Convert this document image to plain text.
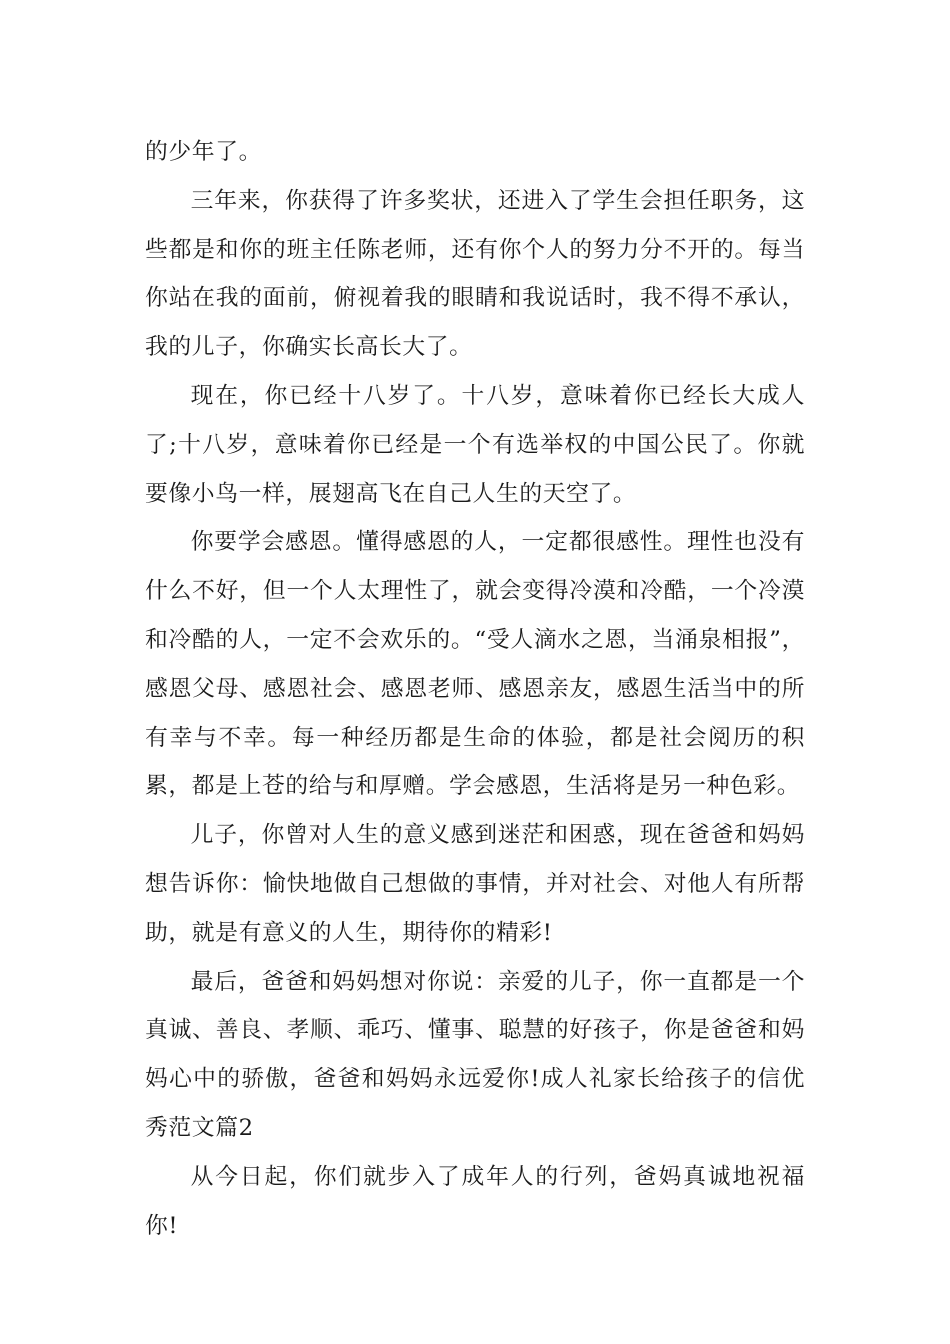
的少年了。

三年来，你获得了许多奖状，还进入了学生会担任职务，这些都是和你的班主任陈老师，还有你个人的努力分不开的。每当你站在我的面前，俯视着我的眼睛和我说话时，我不得不承认，我的儿子，你确实长高长大了。

现在，你已经十八岁了。十八岁，意味着你已经长大成人了;十八岁，意味着你已经是一个有选举权的中国公民了。你就要像小鸟一样，展翅高飞在自己人生的天空了。

你要学会感恩。懂得感恩的人，一定都很感性。理性也没有什么不好，但一个人太理性了，就会变得冷漠和冷酷，一个冷漠和冷酷的人，一定不会欢乐的。“受人滴水之恩，当涌泉相报”，感恩父母、感恩社会、感恩老师、感恩亲友，感恩生活当中的所有幸与不幸。每一种经历都是生命的体验，都是社会阅历的积累，都是上苍的给与和厚赠。学会感恩，生活将是另一种色彩。

儿子，你曾对人生的意义感到迷茫和困惑，现在爸爸和妈妈想告诉你：愉快地做自己想做的事情，并对社会、对他人有所帮助，就是有意义的人生，期待你的精彩!

最后，爸爸和妈妈想对你说：亲爱的儿子，你一直都是一个真诚、善良、孝顺、乖巧、懂事、聪慧的好孩子，你是爸爸和妈妈心中的骄傲，爸爸和妈妈永远爱你!成人礼家长给孩子的信优秀范文篇2

从今日起，你们就步入了成年人的行列，爸妈真诚地祝福你!
